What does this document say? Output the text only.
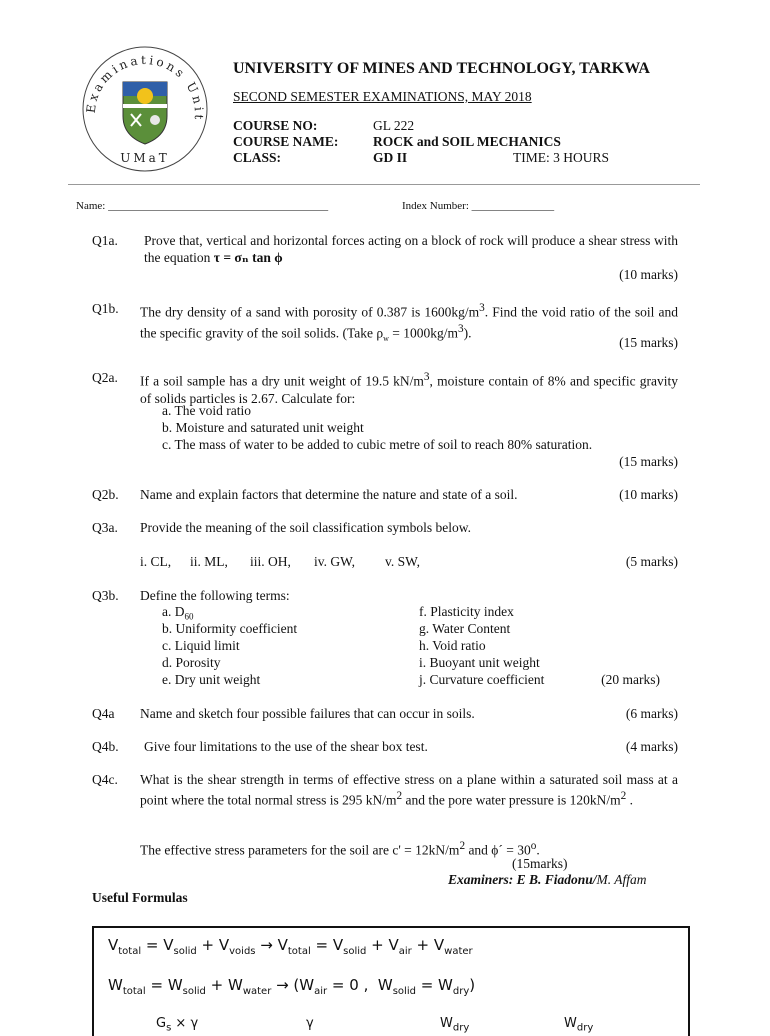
Examinations Unit
UMaT
UNIVERSITY OF MINES AND TECHNOLOGY, TARKWA
SECOND SEMESTER EXAMINATIONS, MAY 2018
COURSE NO:	GL 222
COURSE NAME:	ROCK and SOIL MECHANICS
CLASS:	GD II	TIME: 3 HOURS
Name: ________________________________________	Index Number: _______________
Q1a. Prove that, vertical and horizontal forces acting on a block of rock will produce a shear stress with the equation τ = σₙ tan ϕ
(10 marks)
Q1b. The dry density of a sand with porosity of 0.387 is $1600kg/m^3$. Find the void ratio of the soil and the specific gravity of the soil solids. (Take $\rho_w = 1000kg/m^3$).
(15 marks)
Q2a. If a soil sample has a dry unit weight of 19.5 $kN/m^3$, moisture contain of 8% and specific gravity of solids particles is 2.67. Calculate for:
a. The void ratio
b. Moisture and saturated unit weight
c. The mass of water to be added to cubic metre of soil to reach 80% saturation.
(15 marks)
Q2b. Name and explain factors that determine the nature and state of a soil.	(10 marks)
Q3a. Provide the meaning of the soil classification symbols below.
i. CL, ii. ML, iii. OH, iv. GW, v. SW,	(5 marks)
Q3b. Define the following terms:
a. $D_{60}$
b. Uniformity coefficient
c. Liquid limit
d. Porosity
e. Dry unit weight
f. Plasticity index
g. Water Content
h. Void ratio
i. Buoyant unit weight
j. Curvature coefficient	(20 marks)
Q4a Name and sketch four possible failures that can occur in soils.	(6 marks)
Q4b. Give four limitations to the use of the shear box test.	(4 marks)
Q4c. What is the shear strength in terms of effective stress on a plane within a saturated soil mass at a point where the total normal stress is 295 $kN/m^2$ and the pore water pressure is $120kN/m^2$ .
The effective stress parameters for the soil are $c' = 12kN/m^2$ and ϕ´ = $30^o$.
(15marks)
Examiners: E B. Fiadonu/M. Affam
Useful Formulas
$V_{total} = V_{solid} + V_{voids} \to V_{total} = V_{solid} + V_{air} + V_{water}$
$W_{total} = W_{solid} + W_{water} \to (W_{air} = 0$ ,  $W_{solid} = W_{dry}$)
$G_s \times \gamma$	γ	$W_{dry}$	$W_{dry}$
